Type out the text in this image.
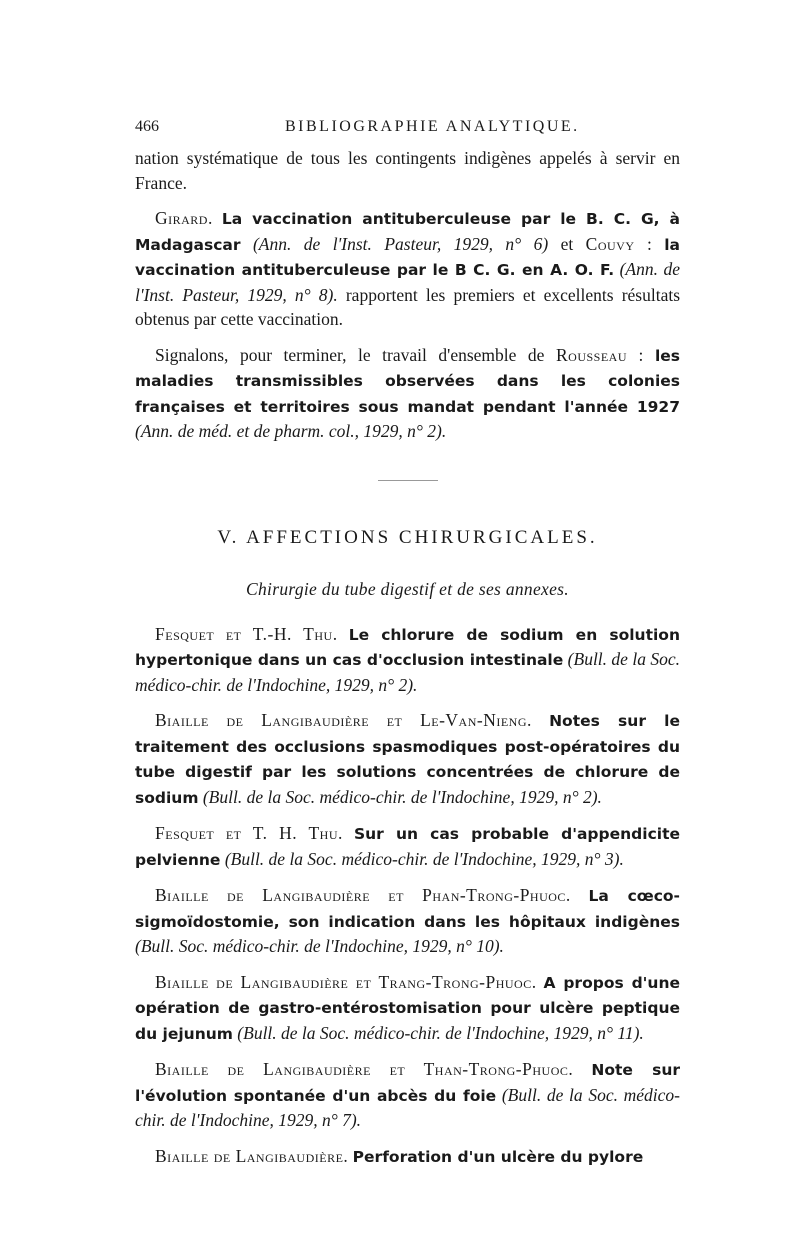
466	BIBLIOGRAPHIE ANALYTIQUE.

nation systématique de tous les contingents indigènes appelés à servir en France.

Girard. La vaccination antituberculeuse par le B. C. G, à Madagascar (Ann. de l'Inst. Pasteur, 1929, n° 6) et Couvy : la vaccination antituberculeuse par le B C. G. en A. O. F. (Ann. de l'Inst. Pasteur, 1929, n° 8). rapportent les premiers et excellents résultats obtenus par cette vaccination.

Signalons, pour terminer, le travail d'ensemble de Rousseau : les maladies transmissibles observées dans les colonies françaises et territoires sous mandat pendant l'année 1927 (Ann. de méd. et de pharm. col., 1929, n° 2).

V. AFFECTIONS CHIRURGICALES.
Chirurgie du tube digestif et de ses annexes.

Fesquet et T.-H. Thu. Le chlorure de sodium en solution hypertonique dans un cas d'occlusion intestinale (Bull. de la Soc. médico-chir. de l'Indochine, 1929, n° 2).

Biaille de Langibaudière et Le-Van-Nieng. Notes sur le traitement des occlusions spasmodiques post-opératoires du tube digestif par les solutions concentrées de chlorure de sodium (Bull. de la Soc. médico-chir. de l'Indochine, 1929, n° 2).

Fesquet et T. H. Thu. Sur un cas probable d'appendicite pelvienne (Bull. de la Soc. médico-chir. de l'Indochine, 1929, n° 3).

Biaille de Langibaudière et Phan-Trong-Phuoc. La cœco-sigmoïdostomie, son indication dans les hôpitaux indigènes (Bull. Soc. médico-chir. de l'Indochine, 1929, n° 10).

Biaille de Langibaudière et Trang-Trong-Phuoc. A propos d'une opération de gastro-entérostomisation pour ulcère peptique du jejunum (Bull. de la Soc. médico-chir. de l'Indochine, 1929, n° 11).

Biaille de Langibaudière et Than-Trong-Phuoc. Note sur l'évolution spontanée d'un abcès du foie (Bull. de la Soc. médico-chir. de l'Indochine, 1929, n° 7).

Biaille de Langibaudière. Perforation d'un ulcère du pylore
